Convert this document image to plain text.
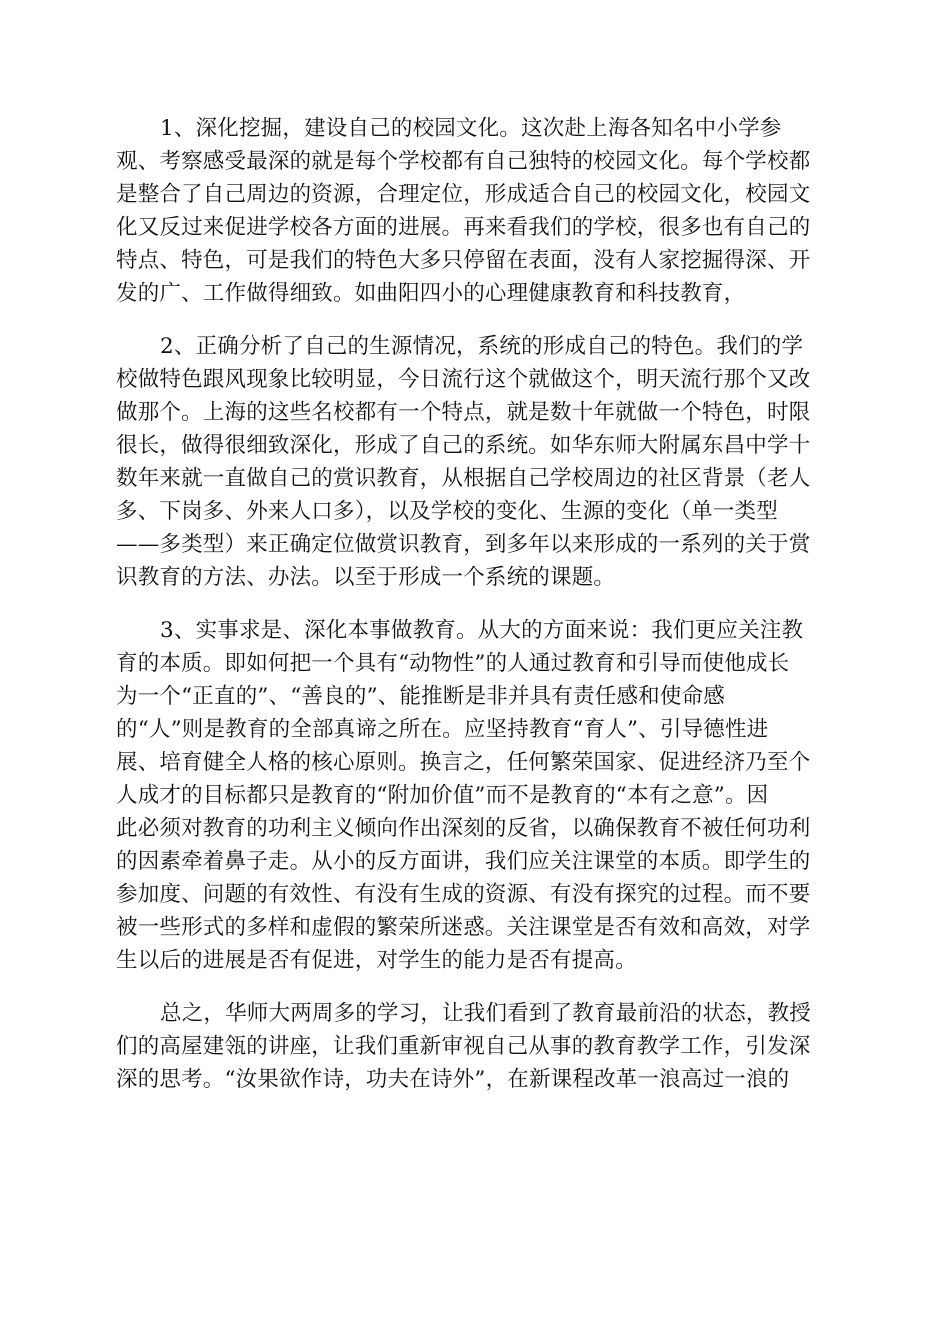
1、深化挖掘，建设自己的校园文化。这次赴上海各知名中小学参
观、考察感受最深的就是每个学校都有自己独特的校园文化。每个学校都
是整合了自己周边的资源，合理定位，形成适合自己的校园文化，校园文
化又反过来促进学校各方面的进展。再来看我们的学校，很多也有自己的
特点、特色，可是我们的特色大多只停留在表面，没有人家挖掘得深、开
发的广、工作做得细致。如曲阳四小的心理健康教育和科技教育，
2、正确分析了自己的生源情况，系统的形成自己的特色。我们的学
校做特色跟风现象比较明显，今日流行这个就做这个，明天流行那个又改
做那个。上海的这些名校都有一个特点，就是数十年就做一个特色，时限
很长，做得很细致深化，形成了自己的系统。如华东师大附属东昌中学十
数年来就一直做自己的赏识教育，从根据自己学校周边的社区背景（老人
多、下岗多、外来人口多），以及学校的变化、生源的变化（单一类型
——多类型）来正确定位做赏识教育，到多年以来形成的一系列的关于赏
识教育的方法、办法。以至于形成一个系统的课题。
3、实事求是、深化本事做教育。从大的方面来说：我们更应关注教
育的本质。即如何把一个具有“动物性”的人通过教育和引导而使他成长
为一个“正直的”、“善良的”、能推断是非并具有责任感和使命感
的“人”则是教育的全部真谛之所在。应坚持教育“育人”、引导德性进
展、培育健全人格的核心原则。换言之，任何繁荣国家、促进经济乃至个
人成才的目标都只是教育的“附加价值”而不是教育的“本有之意”。因
此必须对教育的功利主义倾向作出深刻的反省，以确保教育不被任何功利
的因素牵着鼻子走。从小的反方面讲，我们应关注课堂的本质。即学生的
参加度、问题的有效性、有没有生成的资源、有没有探究的过程。而不要
被一些形式的多样和虚假的繁荣所迷惑。关注课堂是否有效和高效，对学
生以后的进展是否有促进，对学生的能力是否有提高。
总之，华师大两周多的学习，让我们看到了教育最前沿的状态，教授
们的高屋建瓴的讲座，让我们重新审视自己从事的教育教学工作，引发深
深的思考。“汝果欲作诗，功夫在诗外”，在新课程改革一浪高过一浪的
